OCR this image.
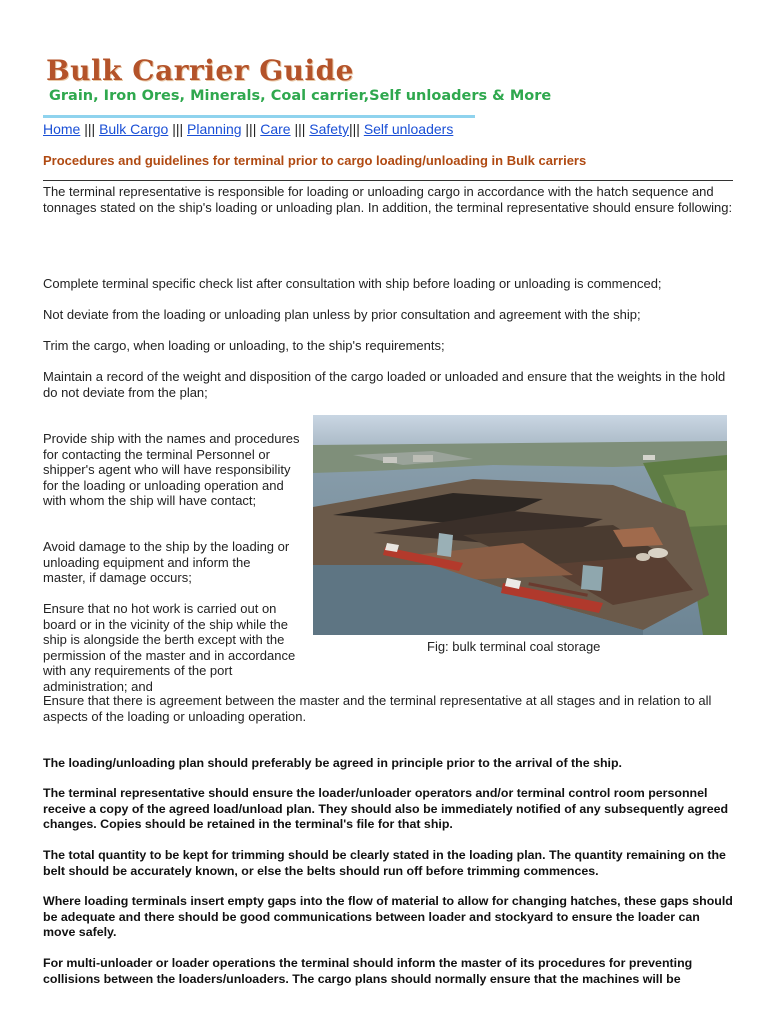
Bulk Carrier Guide
Grain, Iron Ores, Minerals, Coal carrier,Self unloaders & More
Home ||| Bulk Cargo ||| Planning ||| Care ||| Safety||| Self unloaders
Procedures and guidelines for terminal prior to cargo loading/unloading in Bulk carriers
The terminal representative is responsible for loading or unloading cargo in accordance with the hatch sequence and tonnages stated on the ship's loading or unloading plan. In addition, the terminal representative should ensure following:
Complete terminal specific check list after consultation with ship before loading or unloading is commenced;
Not deviate from the loading or unloading plan unless by prior consultation and agreement with the ship;
Trim the cargo, when loading or unloading, to the ship's requirements;
Maintain a record of the weight and disposition of the cargo loaded or unloaded and ensure that the weights in the hold do not deviate from the plan;
Provide ship with the names and procedures for contacting the terminal Personnel or shipper's agent who will have responsibility for the loading or unloading operation and with whom the ship will have contact;
Avoid damage to the ship by the loading or unloading equipment and inform the master, if damage occurs;
Ensure that no hot work is carried out on board or in the vicinity of the ship while the ship is alongside the berth except with the permission of the master and in accordance with any requirements of the port administration; and
Fig: bulk terminal coal storage
Ensure that there is agreement between the master and the terminal representative at all stages and in relation to all aspects of the loading or unloading operation.
The loading/unloading plan should preferably be agreed in principle prior to the arrival of the ship.
The terminal representative should ensure the loader/unloader operators and/or terminal control room personnel receive a copy of the agreed load/unload plan. They should also be immediately notified of any subsequently agreed changes. Copies should be retained in the terminal's file for that ship.
The total quantity to be kept for trimming should be clearly stated in the loading plan. The quantity remaining on the belt should be accurately known, or else the belts should run off before trimming commences.
Where loading terminals insert empty gaps into the flow of material to allow for changing hatches, these gaps should be adequate and there should be good communications between loader and stockyard to ensure the loader can move safely.
For multi-unloader or loader operations the terminal should inform the master of its procedures for preventing collisions between the loaders/unloaders. The cargo plans should normally ensure that the machines will be
